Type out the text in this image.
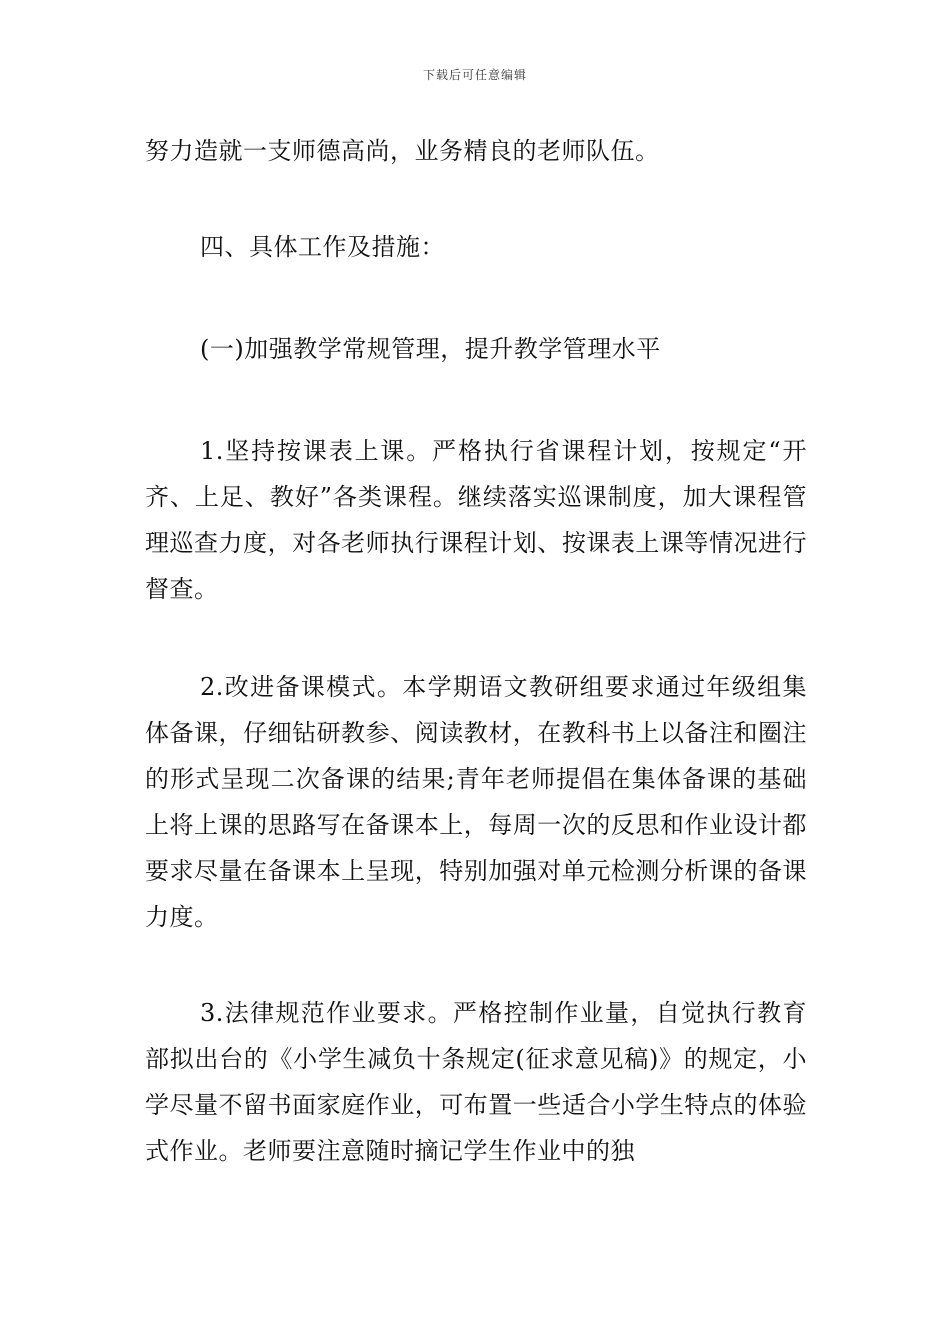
下载后可任意编辑

努力造就一支师德高尚，业务精良的老师队伍。

四、具体工作及措施：

(一)加强教学常规管理，提升教学管理水平

1.坚持按课表上课。严格执行省课程计划，按规定“开齐、上足、教好”各类课程。继续落实巡课制度，加大课程管理巡查力度，对各老师执行课程计划、按课表上课等情况进行督查。

2.改进备课模式。本学期语文教研组要求通过年级组集体备课，仔细钻研教参、阅读教材，在教科书上以备注和圈注的形式呈现二次备课的结果;青年老师提倡在集体备课的基础上将上课的思路写在备课本上，每周一次的反思和作业设计都要求尽量在备课本上呈现，特别加强对单元检测分析课的备课力度。

3.法律规范作业要求。严格控制作业量，自觉执行教育部拟出台的《小学生减负十条规定(征求意见稿)》的规定，小学尽量不留书面家庭作业，可布置一些适合小学生特点的体验式作业。老师要注意随时摘记学生作业中的独
